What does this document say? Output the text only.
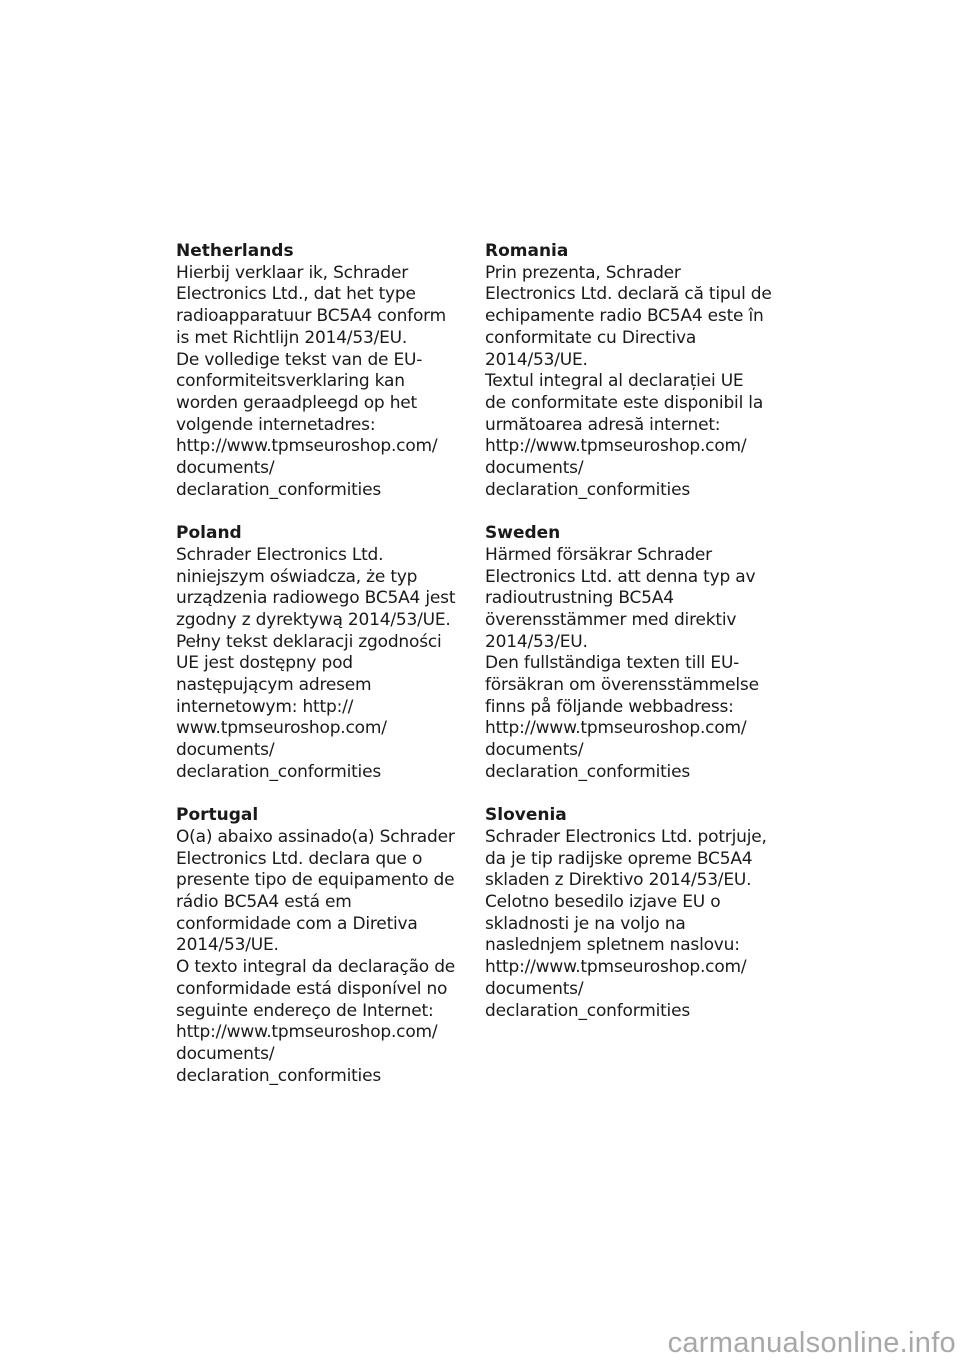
Netherlands

Hierbij verklaar ik, Schrader
Electronics Ltd., dat het type
radioapparatuur BC5A4 conform
is met Richtlijn 2014/53/EU.
De volledige tekst van de EU-
conformiteitsverklaring kan
worden geraadpleegd op het
volgende internetadres:
http://www.tpmseuroshop.com/
documents/
declaration_conformities

Poland

Schrader Electronics Ltd.
niniejszym oświadcza, że typ
urządzenia radiowego BC5A4 jest
zgodny z dyrektywą 2014/53/UE.
Pełny tekst deklaracji zgodności
UE jest dostępny pod
następującym adresem
internetowym: http://
www.tpmseuroshop.com/
documents/
declaration_conformities

Portugal

O(a) abaixo assinado(a) Schrader
Electronics Ltd. declara que o
presente tipo de equipamento de
rádio BC5A4 está em
conformidade com a Diretiva
2014/53/UE.
O texto integral da declaração de
conformidade está disponível no
seguinte endereço de Internet:
http://www.tpmseuroshop.com/
documents/
declaration_conformities

Romania

Prin prezenta, Schrader
Electronics Ltd. declară că tipul de
echipamente radio BC5A4 este în
conformitate cu Directiva
2014/53/UE.
Textul integral al declarației UE
de conformitate este disponibil la
următoarea adresă internet:
http://www.tpmseuroshop.com/
documents/
declaration_conformities

Sweden

Härmed försäkrar Schrader
Electronics Ltd. att denna typ av
radioutrustning BC5A4
överensstämmer med direktiv
2014/53/EU.
Den fullständiga texten till EU-
försäkran om överensstämmelse
finns på följande webbadress:
http://www.tpmseuroshop.com/
documents/
declaration_conformities

Slovenia

Schrader Electronics Ltd. potrjuje,
da je tip radijske opreme BC5A4
skladen z Direktivo 2014/53/EU.
Celotno besedilo izjave EU o
skladnosti je na voljo na
naslednjem spletnem naslovu:
http://www.tpmseuroshop.com/
documents/
declaration_conformities

carmanualsonline.info
